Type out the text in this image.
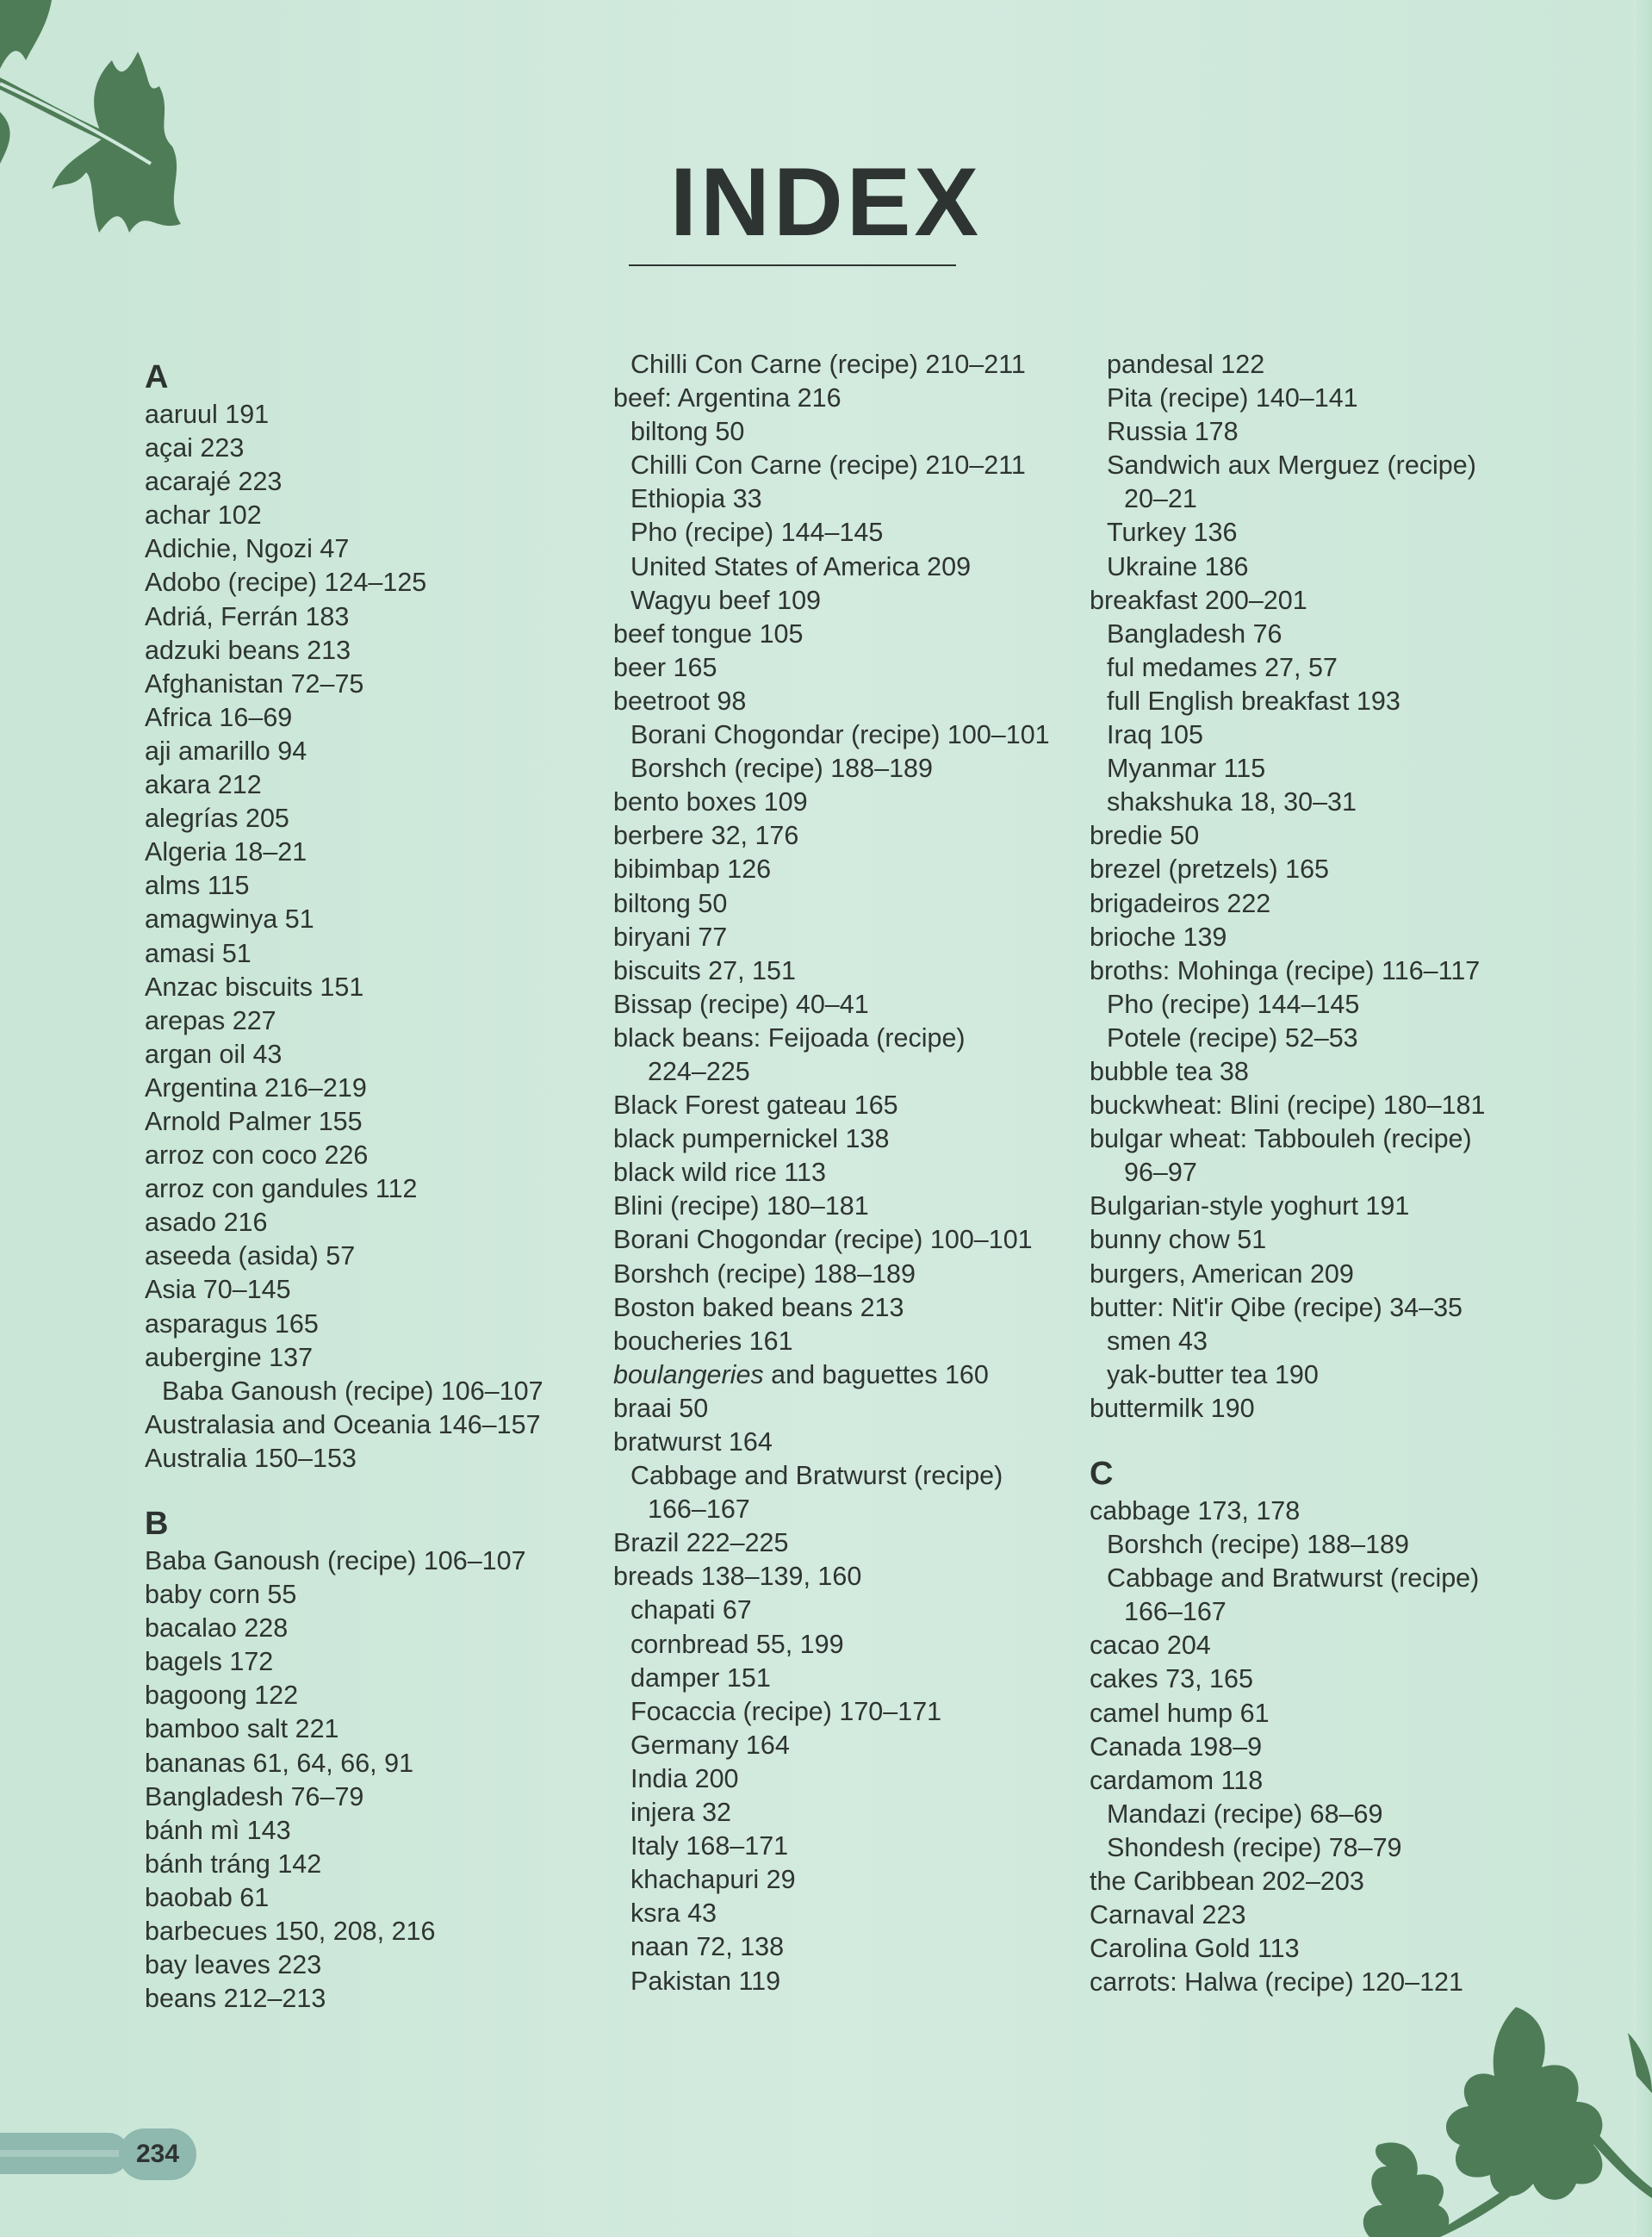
INDEX
A
aaruul 191
açai 223
acarajé 223
achar 102
Adichie, Ngozi 47
Adobo (recipe) 124–125
Adriá, Ferrán 183
adzuki beans 213
Afghanistan 72–75
Africa 16–69
aji amarillo 94
akara 212
alegrías 205
Algeria 18–21
alms 115
amagwinya 51
amasi 51
Anzac biscuits 151
arepas 227
argan oil 43
Argentina 216–219
Arnold Palmer 155
arroz con coco 226
arroz con gandules 112
asado 216
aseeda (asida) 57
Asia 70–145
asparagus 165
aubergine 137
Baba Ganoush (recipe) 106–107
Australasia and Oceania 146–157
Australia 150–153
B
Baba Ganoush (recipe) 106–107
baby corn 55
bacalao 228
bagels 172
bagoong 122
bamboo salt 221
bananas 61, 64, 66, 91
Bangladesh 76–79
bánh mì 143
bánh tráng 142
baobab 61
barbecues 150, 208, 216
bay leaves 223
beans 212–213
Chilli Con Carne (recipe) 210–211
beef: Argentina 216
biltong 50
Chilli Con Carne (recipe) 210–211
Ethiopia 33
Pho (recipe) 144–145
United States of America 209
Wagyu beef 109
beef tongue 105
beer 165
beetroot 98
Borani Chogondar (recipe) 100–101
Borshch (recipe) 188–189
bento boxes 109
berbere 32, 176
bibimbap 126
biltong 50
biryani 77
biscuits 27, 151
Bissap (recipe) 40–41
black beans: Feijoada (recipe)
224–225
Black Forest gateau 165
black pumpernickel 138
black wild rice 113
Blini (recipe) 180–181
Borani Chogondar (recipe) 100–101
Borshch (recipe) 188–189
Boston baked beans 213
boucheries 161
boulangeries and baguettes 160
braai 50
bratwurst 164
Cabbage and Bratwurst (recipe)
166–167
Brazil 222–225
breads 138–139, 160
chapati 67
cornbread 55, 199
damper 151
Focaccia (recipe) 170–171
Germany 164
India 200
injera 32
Italy 168–171
khachapuri 29
ksra 43
naan 72, 138
Pakistan 119
pandesal 122
Pita (recipe) 140–141
Russia 178
Sandwich aux Merguez (recipe)
20–21
Turkey 136
Ukraine 186
breakfast 200–201
Bangladesh 76
ful medames 27, 57
full English breakfast 193
Iraq 105
Myanmar 115
shakshuka 18, 30–31
bredie 50
brezel (pretzels) 165
brigadeiros 222
brioche 139
broths: Mohinga (recipe) 116–117
Pho (recipe) 144–145
Potele (recipe) 52–53
bubble tea 38
buckwheat: Blini (recipe) 180–181
bulgar wheat: Tabbouleh (recipe)
96–97
Bulgarian-style yoghurt 191
bunny chow 51
burgers, American 209
butter: Nit'ir Qibe (recipe) 34–35
smen 43
yak-butter tea 190
buttermilk 190
C
cabbage 173, 178
Borshch (recipe) 188–189
Cabbage and Bratwurst (recipe)
166–167
cacao 204
cakes 73, 165
camel hump 61
Canada 198–9
cardamom 118
Mandazi (recipe) 68–69
Shondesh (recipe) 78–79
the Caribbean 202–203
Carnaval 223
Carolina Gold 113
carrots: Halwa (recipe) 120–121
234
